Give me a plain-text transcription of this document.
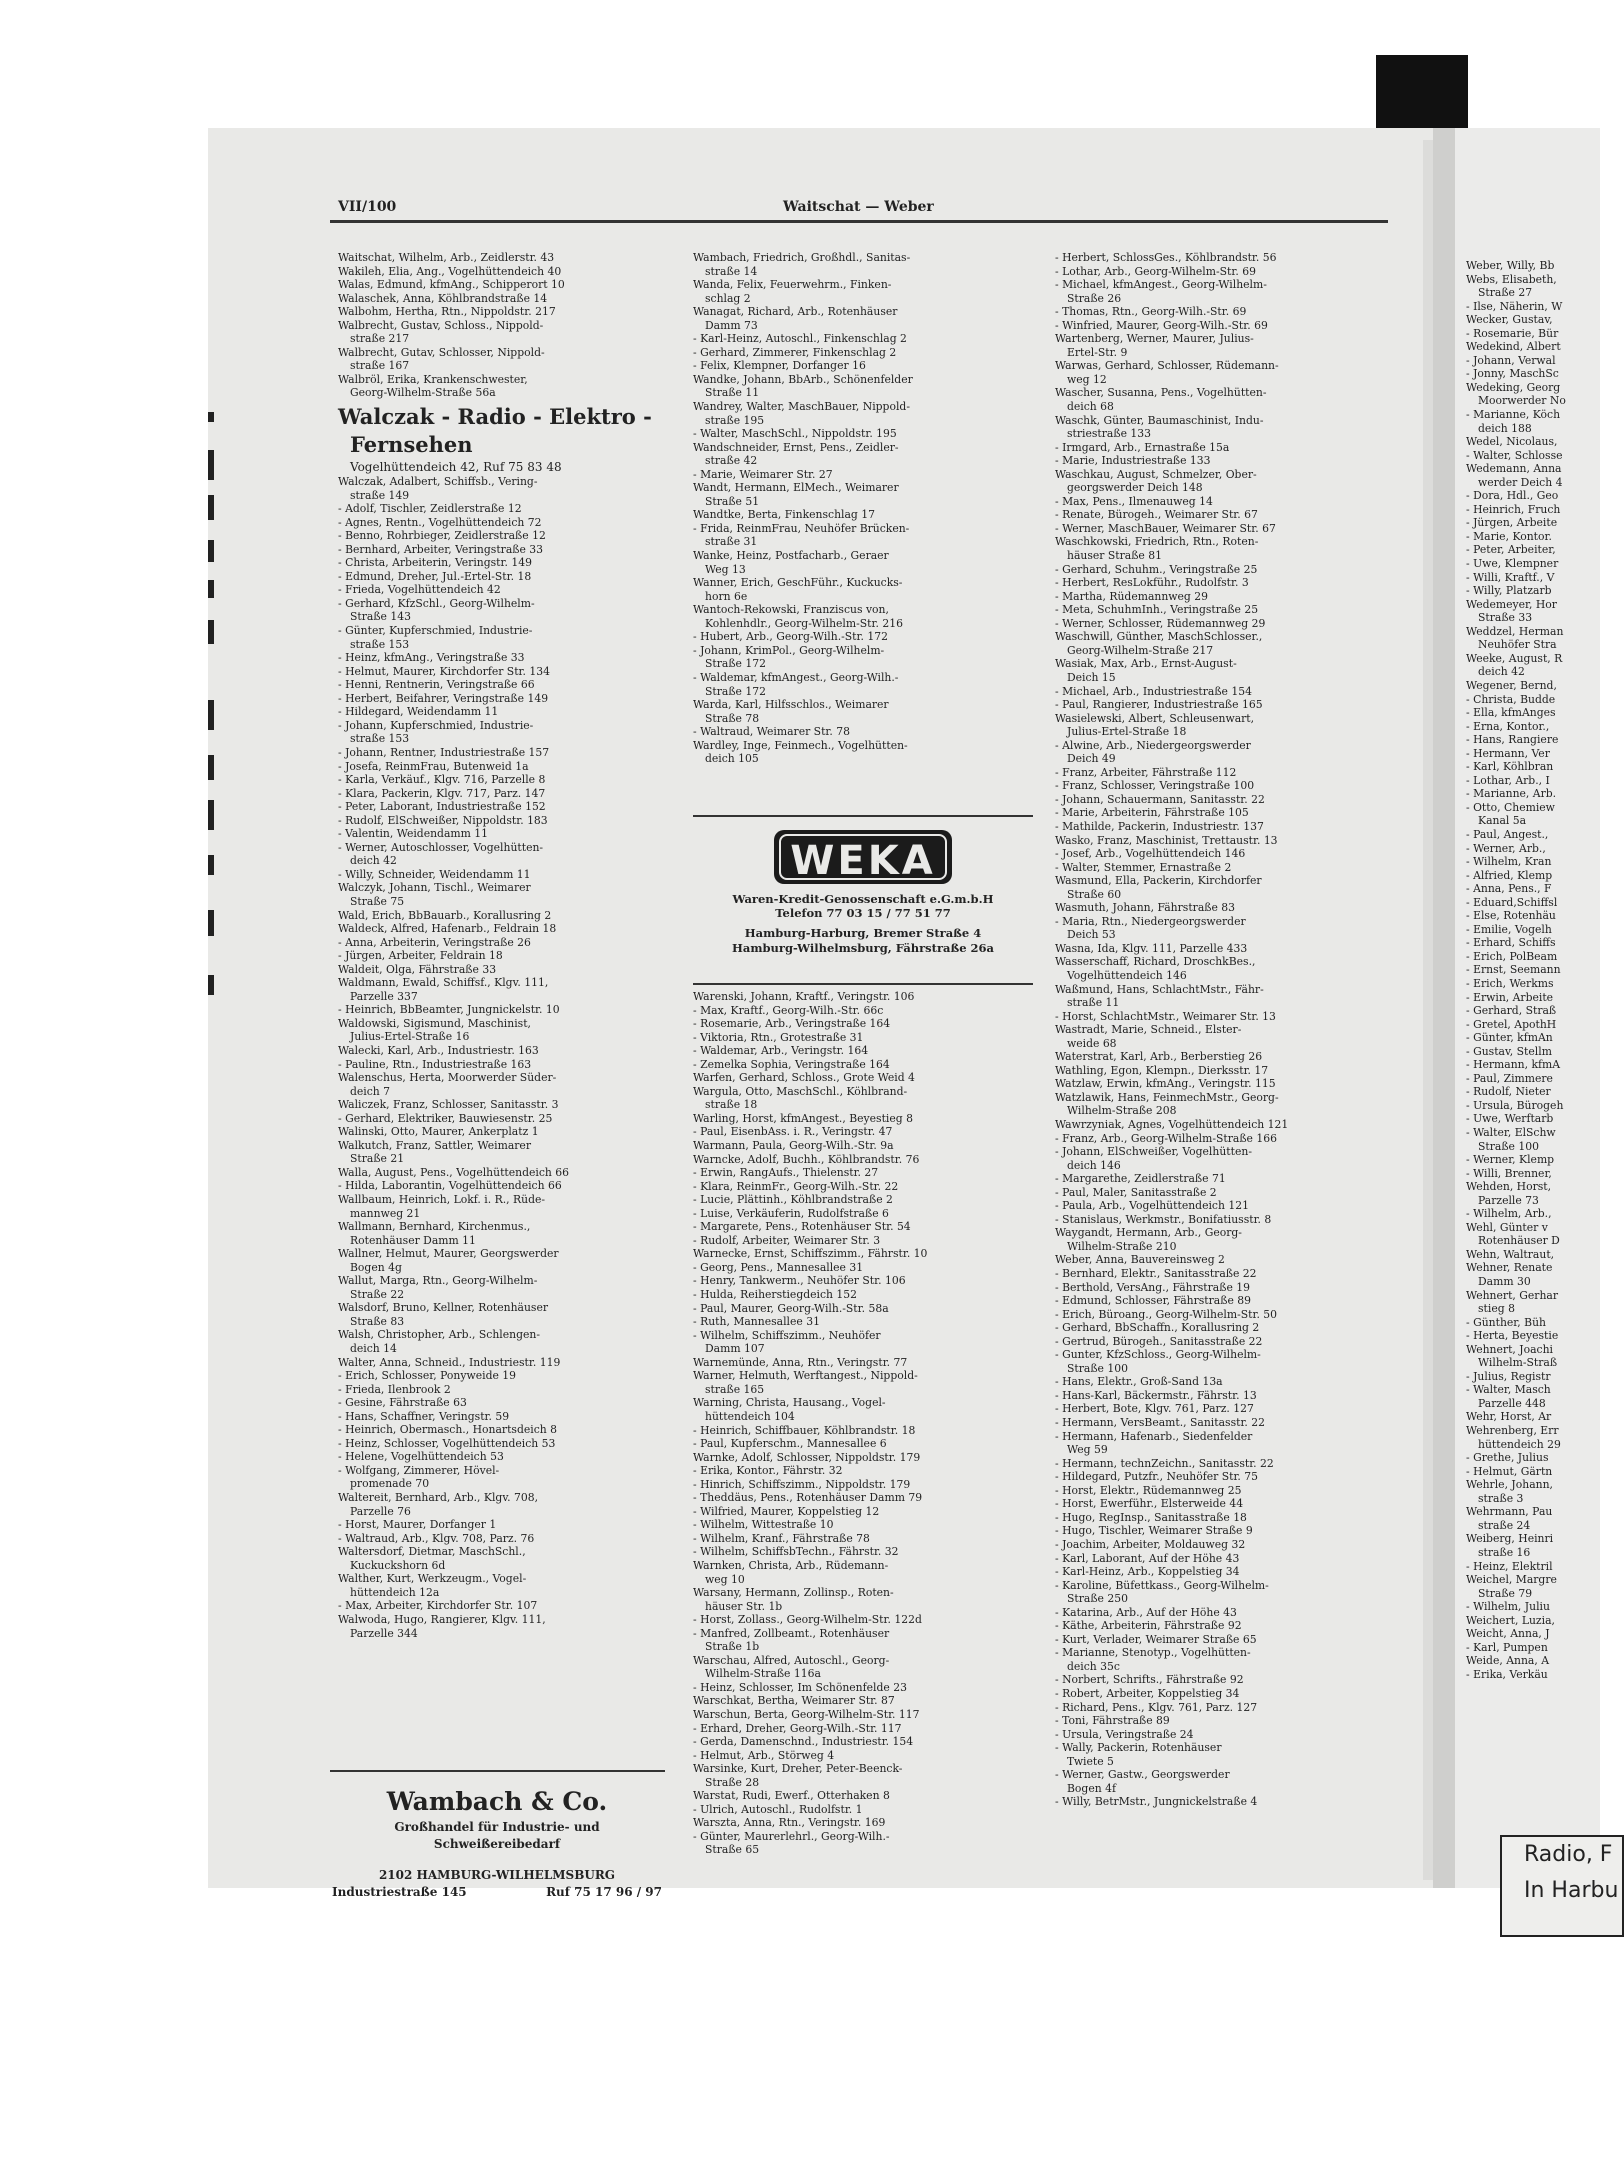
VII/100	Waitschat — Weber
Waitschat, Wilhelm, Arb., Zeidlerstr. 43
Wakileh, Elia, Ang., Vogelhüttendeich 40
Walas, Edmund, kfmAng., Schipperort 10
Walaschek, Anna, Köhlbrandstraße 14
Walbohm, Hertha, Rtn., Nippoldstr. 217
Walbrecht, Gustav, Schloss., Nippold-
straße 217
Walbrecht, Gutav, Schlosser, Nippold-
straße 167
Walbröl, Erika, Krankenschwester,
Georg-Wilhelm-Straße 56a
Walczak - Radio - Elektro -
Fernsehen
Vogelhüttendeich 42, Ruf 75 83 48
Walczak, Adalbert, Schiffsb., Vering-
straße 149
- Adolf, Tischler, Zeidlerstraße 12
- Agnes, Rentn., Vogelhüttendeich 72
- Benno, Rohrbieger, Zeidlerstraße 12
- Bernhard, Arbeiter, Veringstraße 33
- Christa, Arbeiterin, Veringstr. 149
- Edmund, Dreher, Jul.-Ertel-Str. 18
- Frieda, Vogelhüttendeich 42
- Gerhard, KfzSchl., Georg-Wilhelm-
Straße 143
- Günter, Kupferschmied, Industrie-
straße 153
- Heinz, kfmAng., Veringstraße 33
- Helmut, Maurer, Kirchdorfer Str. 134
- Henni, Rentnerin, Veringstraße 66
- Herbert, Beifahrer, Veringstraße 149
- Hildegard, Weidendamm 11
- Johann, Kupferschmied, Industrie-
straße 153
- Johann, Rentner, Industriestraße 157
- Josefa, ReinmFrau, Butenweid 1a
- Karla, Verkäuf., Klgv. 716, Parzelle 8
- Klara, Packerin, Klgv. 717, Parz. 147
- Peter, Laborant, Industriestraße 152
- Rudolf, ElSchweißer, Nippoldstr. 183
- Valentin, Weidendamm 11
- Werner, Autoschlosser, Vogelhütten-
deich 42
- Willy, Schneider, Weidendamm 11
Walczyk, Johann, Tischl., Weimarer
Straße 75
Wald, Erich, BbBauarb., Korallusring 2
Waldeck, Alfred, Hafenarb., Feldrain 18
- Anna, Arbeiterin, Veringstraße 26
- Jürgen, Arbeiter, Feldrain 18
Waldeit, Olga, Fährstraße 33
Waldmann, Ewald, Schiffsf., Klgv. 111,
Parzelle 337
- Heinrich, BbBeamter, Jungnickelstr. 10
Waldowski, Sigismund, Maschinist,
Julius-Ertel-Straße 16
Walecki, Karl, Arb., Industriestr. 163
- Pauline, Rtn., Industriestraße 163
Walenschus, Herta, Moorwerder Süder-
deich 7
Waliczek, Franz, Schlosser, Sanitasstr. 3
- Gerhard, Elektriker, Bauwiesenstr. 25
Walinski, Otto, Maurer, Ankerplatz 1
Walkutch, Franz, Sattler, Weimarer
Straße 21
Walla, August, Pens., Vogelhüttendeich 66
- Hilda, Laborantin, Vogelhüttendeich 66
Wallbaum, Heinrich, Lokf. i. R., Rüde-
mannweg 21
Wallmann, Bernhard, Kirchenmus.,
Rotenhäuser Damm 11
Wallner, Helmut, Maurer, Georgswerder
Bogen 4g
Wallut, Marga, Rtn., Georg-Wilhelm-
Straße 22
Walsdorf, Bruno, Kellner, Rotenhäuser
Straße 83
Walsh, Christopher, Arb., Schlengen-
deich 14
Walter, Anna, Schneid., Industriestr. 119
- Erich, Schlosser, Ponyweide 19
- Frieda, Ilenbrook 2
- Gesine, Fährstraße 63
- Hans, Schaffner, Veringstr. 59
- Heinrich, Obermasch., Honartsdeich 8
- Heinz, Schlosser, Vogelhüttendeich 53
- Helene, Vogelhüttendeich 53
- Wolfgang, Zimmerer, Hövel-
promenade 70
Waltereit, Bernhard, Arb., Klgv. 708,
Parzelle 76
- Horst, Maurer, Dorfanger 1
- Waltraud, Arb., Klgv. 708, Parz. 76
Waltersdorf, Dietmar, MaschSchl.,
Kuckuckshorn 6d
Walther, Kurt, Werkzeugm., Vogel-
hüttendeich 12a
- Max, Arbeiter, Kirchdorfer Str. 107
Walwoda, Hugo, Rangierer, Klgv. 111,
Parzelle 344
Wambach & Co.
Großhandel für Industrie- und
Schweißereibedarf
2102 HAMBURG-WILHELMSBURG
Industriestraße 145	Ruf 75 17 96 / 97
Wambach, Friedrich, Großhdl., Sanitas-
straße 14
Wanda, Felix, Feuerwehrm., Finken-
schlag 2
Wanagat, Richard, Arb., Rotenhäuser
Damm 73
- Karl-Heinz, Autoschl., Finkenschlag 2
- Gerhard, Zimmerer, Finkenschlag 2
- Felix, Klempner, Dorfanger 16
Wandke, Johann, BbArb., Schönenfelder
Straße 11
Wandrey, Walter, MaschBauer, Nippold-
straße 195
- Walter, MaschSchl., Nippoldstr. 195
Wandschneider, Ernst, Pens., Zeidler-
straße 42
- Marie, Weimarer Str. 27
Wandt, Hermann, ElMech., Weimarer
Straße 51
Wandtke, Berta, Finkenschlag 17
- Frida, ReinmFrau, Neuhöfer Brücken-
straße 31
Wanke, Heinz, Postfacharb., Geraer
Weg 13
Wanner, Erich, GeschFühr., Kuckucks-
horn 6e
Wantoch-Rekowski, Franziscus von,
Kohlenhdlr., Georg-Wilhelm-Str. 216
- Hubert, Arb., Georg-Wilh.-Str. 172
- Johann, KrimPol., Georg-Wilhelm-
Straße 172
- Waldemar, kfmAngest., Georg-Wilh.-
Straße 172
Warda, Karl, Hilfsschlos., Weimarer
Straße 78
- Waltraud, Weimarer Str. 78
Wardley, Inge, Feinmech., Vogelhütten-
deich 105
WEKA
Waren-Kredit-Genossenschaft e.G.m.b.H
Telefon 77 03 15 / 77 51 77
Hamburg-Harburg, Bremer Straße 4
Hamburg-Wilhelmsburg, Fährstraße 26a
Warenski, Johann, Kraftf., Veringstr. 106
- Max, Kraftf., Georg-Wilh.-Str. 66c
- Rosemarie, Arb., Veringstraße 164
- Viktoria, Rtn., Grotestraße 31
- Waldemar, Arb., Veringstr. 164
- Zemelka Sophia, Veringstraße 164
Warfen, Gerhard, Schloss., Grote Weid 4
Wargula, Otto, MaschSchl., Köhlbrand-
straße 18
Warling, Horst, kfmAngest., Beyestieg 8
- Paul, EisenbAss. i. R., Veringstr. 47
Warmann, Paula, Georg-Wilh.-Str. 9a
Warncke, Adolf, Buchh., Köhlbrandstr. 76
- Erwin, RangAufs., Thielenstr. 27
- Klara, ReinmFr., Georg-Wilh.-Str. 22
- Lucie, Plättinh., Köhlbrandstraße 2
- Luise, Verkäuferin, Rudolfstraße 6
- Margarete, Pens., Rotenhäuser Str. 54
- Rudolf, Arbeiter, Weimarer Str. 3
Warnecke, Ernst, Schiffszimm., Fährstr. 10
- Georg, Pens., Mannesallee 31
- Henry, Tankwerm., Neuhöfer Str. 106
- Hulda, Reiherstiegdeich 152
- Paul, Maurer, Georg-Wilh.-Str. 58a
- Ruth, Mannesallee 31
- Wilhelm, Schiffszimm., Neuhöfer
Damm 107
Warnemünde, Anna, Rtn., Veringstr. 77
Warner, Helmuth, Werftangest., Nippold-
straße 165
Warning, Christa, Hausang., Vogel-
hüttendeich 104
- Heinrich, Schiffbauer, Köhlbrandstr. 18
- Paul, Kupferschm., Mannesallee 6
Warnke, Adolf, Schlosser, Nippoldstr. 179
- Erika, Kontor., Fährstr. 32
- Hinrich, Schiffszimm., Nippoldstr. 179
- Theddäus, Pens., Rotenhäuser Damm 79
- Wilfried, Maurer, Koppelstieg 12
- Wilhelm, Wittestraße 10
- Wilhelm, Kranf., Fährstraße 78
- Wilhelm, SchiffsbTechn., Fährstr. 32
Warnken, Christa, Arb., Rüdemann-
weg 10
Warsany, Hermann, Zollinsp., Roten-
häuser Str. 1b
- Horst, Zollass., Georg-Wilhelm-Str. 122d
- Manfred, Zollbeamt., Rotenhäuser
Straße 1b
Warschau, Alfred, Autoschl., Georg-
Wilhelm-Straße 116a
- Heinz, Schlosser, Im Schönenfelde 23
Warschkat, Bertha, Weimarer Str. 87
Warschun, Berta, Georg-Wilhelm-Str. 117
- Erhard, Dreher, Georg-Wilh.-Str. 117
- Gerda, Damenschnd., Industriestr. 154
- Helmut, Arb., Störweg 4
Warsinke, Kurt, Dreher, Peter-Beenck-
Straße 28
Warstat, Rudi, Ewerf., Otterhaken 8
- Ulrich, Autoschl., Rudolfstr. 1
Warszta, Anna, Rtn., Veringstr. 169
- Günter, Maurerlehrl., Georg-Wilh.-
Straße 65
- Herbert, SchlossGes., Köhlbrandstr. 56
- Lothar, Arb., Georg-Wilhelm-Str. 69
- Michael, kfmAngest., Georg-Wilhelm-
Straße 26
- Thomas, Rtn., Georg-Wilh.-Str. 69
- Winfried, Maurer, Georg-Wilh.-Str. 69
Wartenberg, Werner, Maurer, Julius-
Ertel-Str. 9
Warwas, Gerhard, Schlosser, Rüdemann-
weg 12
Wascher, Susanna, Pens., Vogelhütten-
deich 68
Waschk, Günter, Baumaschinist, Indu-
striestraße 133
- Irmgard, Arb., Ernastraße 15a
- Marie, Industriestraße 133
Waschkau, August, Schmelzer, Ober-
georgswerder Deich 148
- Max, Pens., Ilmenauweg 14
- Renate, Bürogeh., Weimarer Str. 67
- Werner, MaschBauer, Weimarer Str. 67
Waschkowski, Friedrich, Rtn., Roten-
häuser Straße 81
- Gerhard, Schuhm., Veringstraße 25
- Herbert, ResLokführ., Rudolfstr. 3
- Martha, Rüdemannweg 29
- Meta, SchuhmInh., Veringstraße 25
- Werner, Schlosser, Rüdemannweg 29
Waschwill, Günther, MaschSchlosser.,
Georg-Wilhelm-Straße 217
Wasiak, Max, Arb., Ernst-August-
Deich 15
- Michael, Arb., Industriestraße 154
- Paul, Rangierer, Industriestraße 165
Wasielewski, Albert, Schleusenwart,
Julius-Ertel-Straße 18
- Alwine, Arb., Niedergeorgswerder
Deich 49
- Franz, Arbeiter, Fährstraße 112
- Franz, Schlosser, Veringstraße 100
- Johann, Schauermann, Sanitasstr. 22
- Marie, Arbeiterin, Fährstraße 105
- Mathilde, Packerin, Industriestr. 137
Wasko, Franz, Maschinist, Trettaustr. 13
- Josef, Arb., Vogelhüttendeich 146
- Walter, Stemmer, Ernastraße 2
Wasmund, Ella, Packerin, Kirchdorfer
Straße 60
Wasmuth, Johann, Fährstraße 83
- Maria, Rtn., Niedergeorgswerder
Deich 53
Wasna, Ida, Klgv. 111, Parzelle 433
Wasserschaff, Richard, DroschkBes.,
Vogelhüttendeich 146
Waßmund, Hans, SchlachtMstr., Fähr-
straße 11
- Horst, SchlachtMstr., Weimarer Str. 13
Wastradt, Marie, Schneid., Elster-
weide 68
Waterstrat, Karl, Arb., Berberstieg 26
Wathling, Egon, Klempn., Dierksstr. 17
Watzlaw, Erwin, kfmAng., Veringstr. 115
Watzlawik, Hans, FeinmechMstr., Georg-
Wilhelm-Straße 208
Wawrzyniak, Agnes, Vogelhüttendeich 121
- Franz, Arb., Georg-Wilhelm-Straße 166
- Johann, ElSchweißer, Vogelhütten-
deich 146
- Margarethe, Zeidlerstraße 71
- Paul, Maler, Sanitasstraße 2
- Paula, Arb., Vogelhüttendeich 121
- Stanislaus, Werkmstr., Bonifatiusstr. 8
Waygandt, Hermann, Arb., Georg-
Wilhelm-Straße 210
Weber, Anna, Bauvereinsweg 2
- Bernhard, Elektr., Sanitasstraße 22
- Berthold, VersAng., Fährstraße 19
- Edmund, Schlosser, Fährstraße 89
- Erich, Büroang., Georg-Wilhelm-Str. 50
- Gerhard, BbSchaffn., Korallusring 2
- Gertrud, Bürogeh., Sanitasstraße 22
- Gunter, KfzSchloss., Georg-Wilhelm-
Straße 100
- Hans, Elektr., Groß-Sand 13a
- Hans-Karl, Bäckermstr., Fährstr. 13
- Herbert, Bote, Klgv. 761, Parz. 127
- Hermann, VersBeamt., Sanitasstr. 22
- Hermann, Hafenarb., Siedenfelder
Weg 59
- Hermann, technZeichn., Sanitasstr. 22
- Hildegard, Putzfr., Neuhöfer Str. 75
- Horst, Elektr., Rüdemannweg 25
- Horst, Ewerführ., Elsterweide 44
- Hugo, RegInsp., Sanitasstraße 18
- Hugo, Tischler, Weimarer Straße 9
- Joachim, Arbeiter, Moldauweg 32
- Karl, Laborant, Auf der Höhe 43
- Karl-Heinz, Arb., Koppelstieg 34
- Karoline, Büfettkass., Georg-Wilhelm-
Straße 250
- Katarina, Arb., Auf der Höhe 43
- Käthe, Arbeiterin, Fährstraße 92
- Kurt, Verlader, Weimarer Straße 65
- Marianne, Stenotyp., Vogelhütten-
deich 35c
- Norbert, Schrifts., Fährstraße 92
- Robert, Arbeiter, Koppelstieg 34
- Richard, Pens., Klgv. 761, Parz. 127
- Toni, Fährstraße 89
- Ursula, Veringstraße 24
- Wally, Packerin, Rotenhäuser
Twiete 5
- Werner, Gastw., Georgswerder
Bogen 4f
- Willy, BetrMstr., Jungnickelstraße 4
Weber, Willy, Bb
Webs, Elisabeth,
Straße 27
- Ilse, Näherin, W
Wecker, Gustav,
- Rosemarie, Bür
Wedekind, Albert
- Johann, Verwal
- Jonny, MaschSc
Wedeking, Georg
Moorwerder No
- Marianne, Köch
deich 188
Wedel, Nicolaus,
- Walter, Schlosse
Wedemann, Anna
werder Deich 4
- Dora, Hdl., Geo
- Heinrich, Fruch
- Jürgen, Arbeite
- Marie, Kontor.
- Peter, Arbeiter,
- Uwe, Klempner
- Willi, Kraftf., V
- Willy, Platzarb
Wedemeyer, Hor
Straße 33
Weddzel, Herman
Neuhöfer Stra
Weeke, August, R
deich 42
Wegener, Bernd,
- Christa, Budde
- Ella, kfmAnges
- Erna, Kontor.,
- Hans, Rangiere
- Hermann, Ver
- Karl, Köhlbran
- Lothar, Arb., I
- Marianne, Arb.
- Otto, Chemiew
Kanal 5a
- Paul, Angest.,
- Werner, Arb.,
- Wilhelm, Kran
- Alfried, Klemp
- Anna, Pens., F
- Eduard,Schiffsl
- Else, Rotenhäu
- Emilie, Vogelh
- Erhard, Schiffs
- Erich, PolBeam
- Ernst, Seemann
- Erich, Werkms
- Erwin, Arbeite
- Gerhard, Straß
- Gretel, ApothH
- Günter, kfmAn
- Gustav, Stellm
- Hermann, kfmA
- Paul, Zimmere
- Rudolf, Nieter
- Ursula, Bürogeh
- Uwe, Werftarb
- Walter, ElSchw
Straße 100
- Werner, Klemp
- Willi, Brenner,
Wehden, Horst,
Parzelle 73
- Wilhelm, Arb.,
Wehl, Günter v
Rotenhäuser D
Wehn, Waltraut,
Wehner, Renate
Damm 30
Wehnert, Gerhar
stieg 8
- Günther, Büh
- Herta, Beyestie
Wehnert, Joachi
Wilhelm-Straß
- Julius, Registr
- Walter, Masch
Parzelle 448
Wehr, Horst, Ar
Wehrenberg, Err
hüttendeich 29
- Grethe, Julius
- Helmut, Gärtn
Wehrle, Johann,
straße 3
Wehrmann, Pau
straße 24
Weiberg, Heinri
straße 16
- Heinz, Elektril
Weichel, Margre
Straße 79
- Wilhelm, Juliu
Weichert, Luzia,
Weicht, Anna, J
- Karl, Pumpen
Weide, Anna, A
- Erika, Verkäu
Radio, F
In Harbu
